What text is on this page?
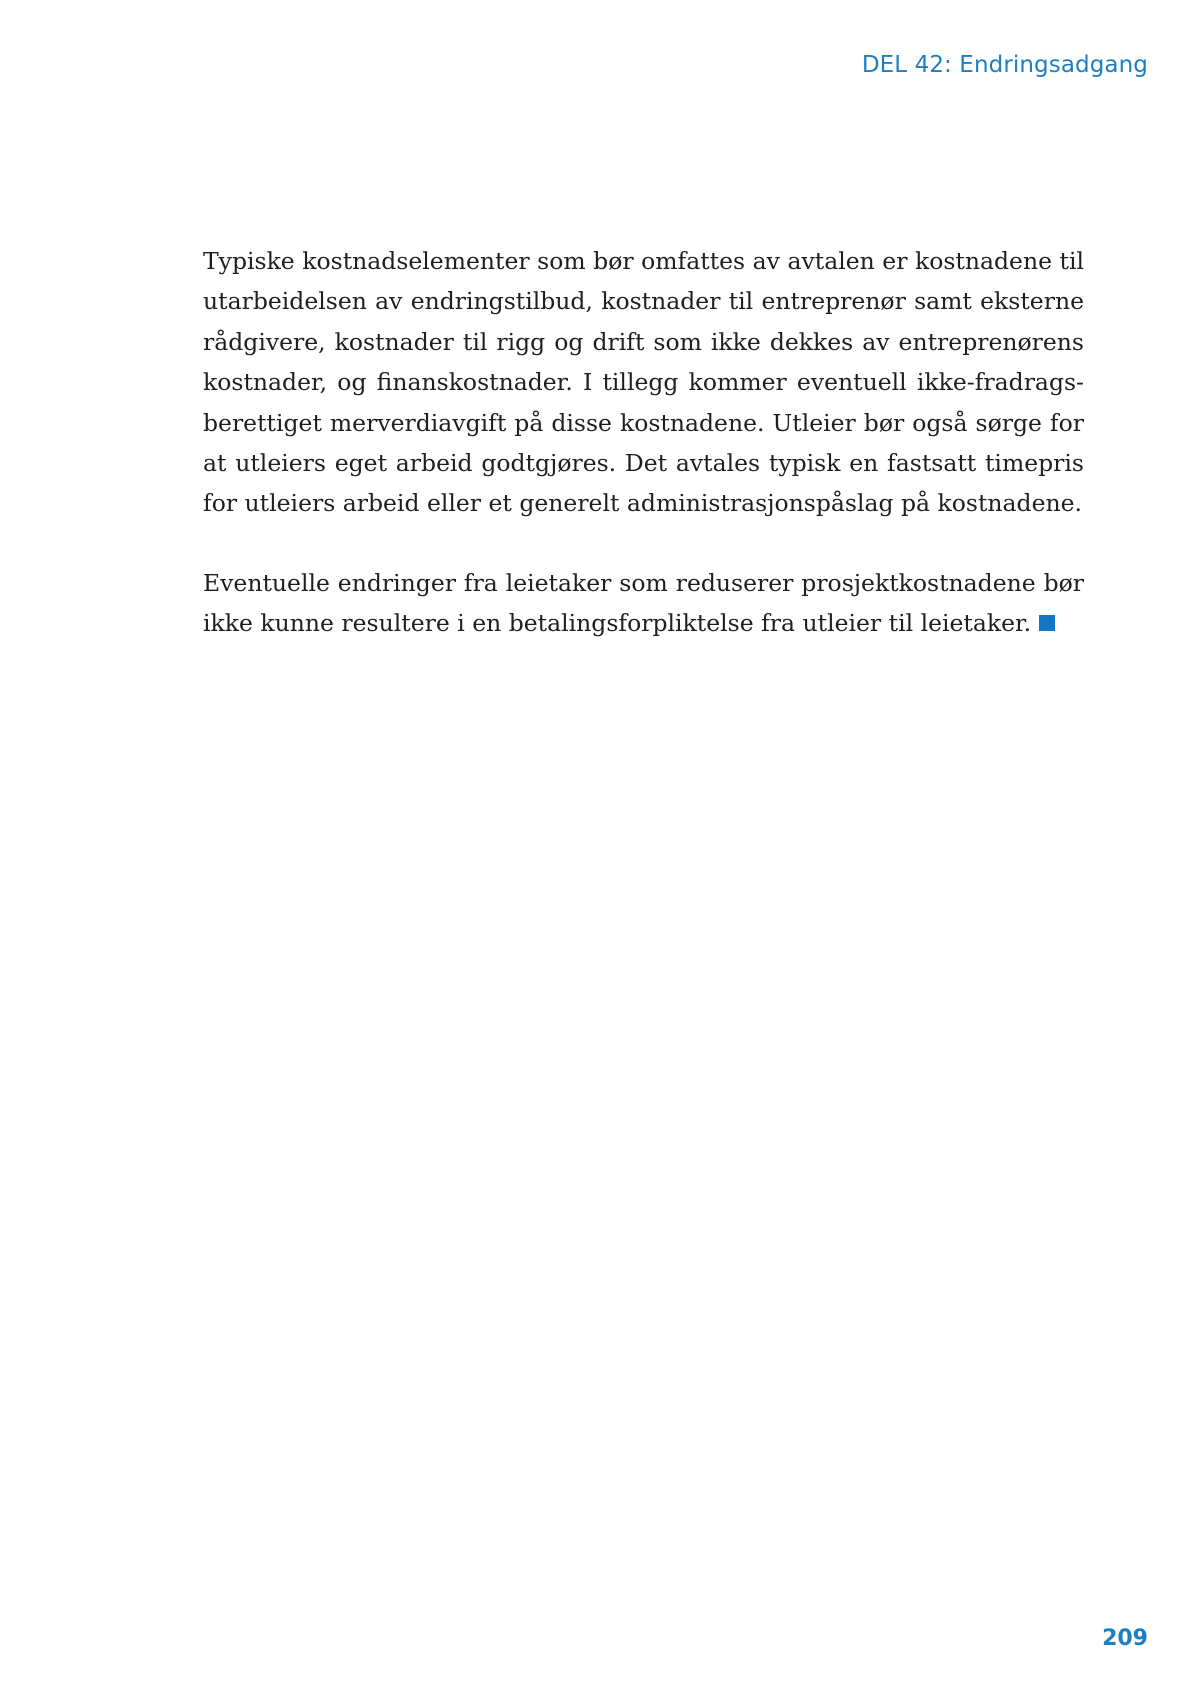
DEL 42: Endringsadgang

Typiske kostnadselementer som bør omfattes av avtalen er kostnadene til utarbeidelsen av endringstilbud, kostnader til entreprenør samt eksterne rådgivere, kostnader til rigg og drift som ikke dekkes av entreprenørens kostnader, og finanskostnader. I tillegg kommer eventuell ikke-fradragsberettiget merverdiavgift på disse kostnadene. Utleier bør også sørge for at utleiers eget arbeid godtgjøres. Det avtales typisk en fastsatt timepris for utleiers arbeid eller et generelt administrasjonspåslag på kostnadene.

Eventuelle endringer fra leietaker som reduserer prosjektkostnadene bør ikke kunne resultere i en betalingsforpliktelse fra utleier til leietaker.

209
